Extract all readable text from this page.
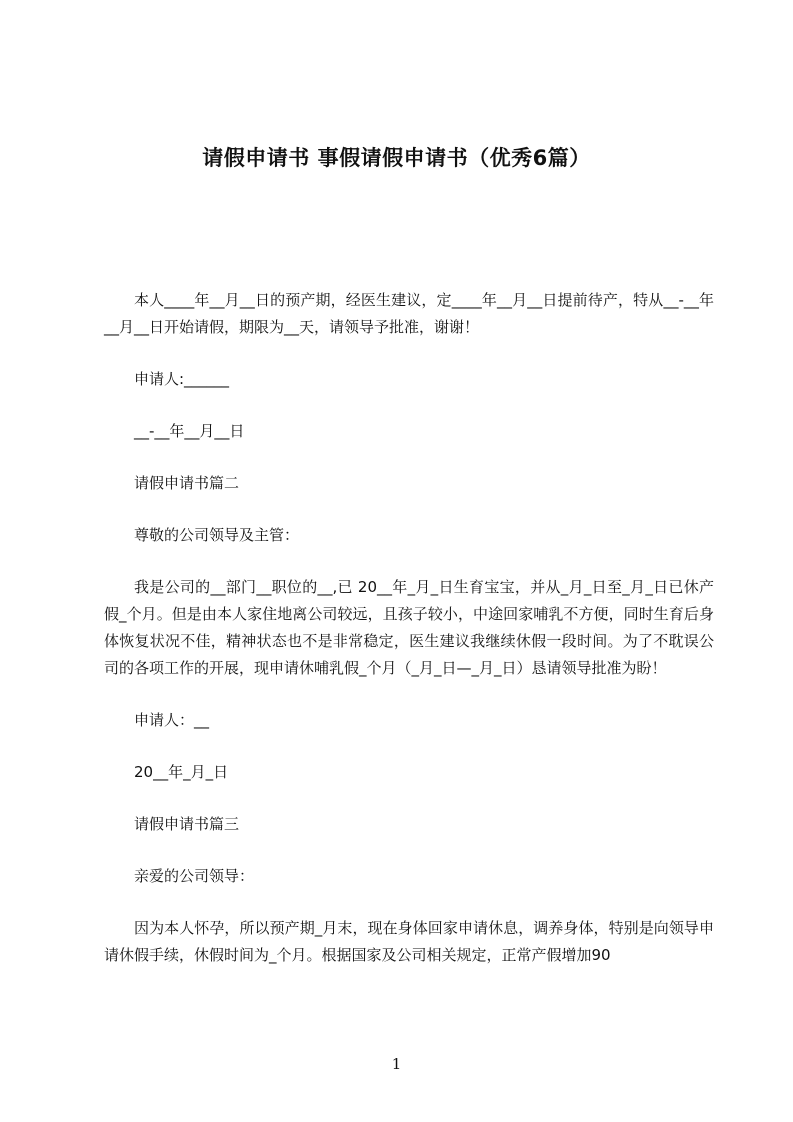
请假申请书 事假请假申请书（优秀6篇）

本人____年__月__日的预产期，经医生建议，定____年__月__日提前待产，特从__-__年__月__日开始请假，期限为__天，请领导予批准，谢谢！

申请人:______
__-__年__月__日
请假申请书篇二
尊敬的公司领导及主管：

我是公司的__部门__职位的__,已 20__年_月_日生育宝宝，并从_月_日至_月_日已休产假_个月。但是由本人家住地离公司较远，且孩子较小，中途回家哺乳不方便，同时生育后身体恢复状况不佳，精神状态也不是非常稳定，医生建议我继续休假一段时间。为了不耽误公司的各项工作的开展，现申请休哺乳假_个月（_月_日—_月_日）恳请领导批准为盼！

申请人：__
20__年_月_日
请假申请书篇三
亲爱的公司领导：

因为本人怀孕，所以预产期_月末，现在身体回家申请休息，调养身体，特别是向领导申请休假手续，休假时间为_个月。根据国家及公司相关规定，正常产假增加90

1
